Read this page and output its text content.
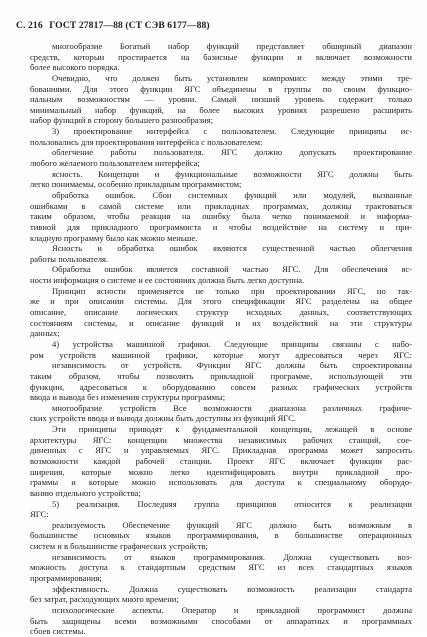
С. 216 ГОСТ 27817—88 (СТ СЭВ 6177—88)
многообразие Богатый набор функций представляет обширный диапазон
средств, которыи простирается на базисные функции и включает возможности
более высокого порядка.
Очевидно, что должен быть установлен компромисс между этими тре-
бованиями. Для этого функции ЯГС объединены в группы по своим функцио-
нальным возможностям — уровни. Самый низший уровень содержит только
минимальный набор функций, на более высоких уровнях разрешено расширять
набор функций в сторону большего разнообразия;
3) проектирование интерфейса с пользователем. Следующие принципы ис-
пользовались для проектирования интерфейса с пользователем:
облегчение работы пользователя. ЯГС должно допускать проектирование
любого желаемого пользователем интерфейса;
ясность. Концепции и функциональные возможности ЯГС должны быть
легко понимаемы, особенно прикладным программистом;
обработка ошибок. Сбои системных функций или модулей, вызванные
ошибками в самой системе или прикладных программах, должны трактоваться
таким образом, чтобы реакция на ошибку была четко понимаемой и информа-
тивной для прикладного программиста и чтобы воздействие на систему и при-
кладную программу было как можно меньше.
Ясность и обработка ошибок являются существенной частью облегчения
работы пользователя.
Обработка ошибок является составной частью ЯГС. Для обеспечения яс-
ности информация о системе и ее состояниях должна быть легко доступна.
Принцип ясности применяется не только при проектировании ЯГС, но так-
же и при описании системы. Для этого спецификации ЯГС разделены на общее
описание, описание логических структур исходных данных, соответствующих
состояниям системы, и описание функций и их воздействий на эти структуры
данных;
4) устройства машинной графики. Следующие принципы связаны с набо-
ром устройств машинной графики, которые могут адресоваться через ЯГС:
независимость от устройств. Функции ЯГС должны быть спроектированы
таким образом, чтобы позволить прикладной программе, использующей эти
функции, адресоваться к оборудованию совсем разных графических устройств
ввода и вывода без изменения структуры программы;
многообразие устройств Все возможности диапазона различных графиче-
ских устройств ввода и вывода должны быть доступны из функций ЯГС.
Эти принципы приводят к фундаментальной концепции, лежащей в основе
архитектуры ЯГС: концепции множества независимых рабочих станций, сое-
диненных с ЯГС и управляемых ЯГС. Прикладная программа может запросить
возможности каждой рабочей станции. Проект ЯГС включает функции рас-
ширения, которые можно легко идентифицировать внутри прикладной про-
граммы и которые можно использовать для доступа к специальному оборудо-
ванию отдельного устройства;
5) реализация. Последняя группа принципов относится к реализации
ЯГС:
реализуемость Обеспечение функций ЯГС должно быть возможным в
большинстве основных языков программирования, в большинстве операционных
систем и в большинстве графических устройств;
независимость от языков программирования. Должна существовать воз-
можность доступа к стандартным средствам ЯГС из всех стандартных языков
программирования;
эффективность. Должна существовать возможность реализации стандарта
без затрат, расходующих много времени;
психологические аспекты. Оператор и прикладной программист должны
быть защищены всеми возможными способами от аппаратных и программных
сбоев системы.
